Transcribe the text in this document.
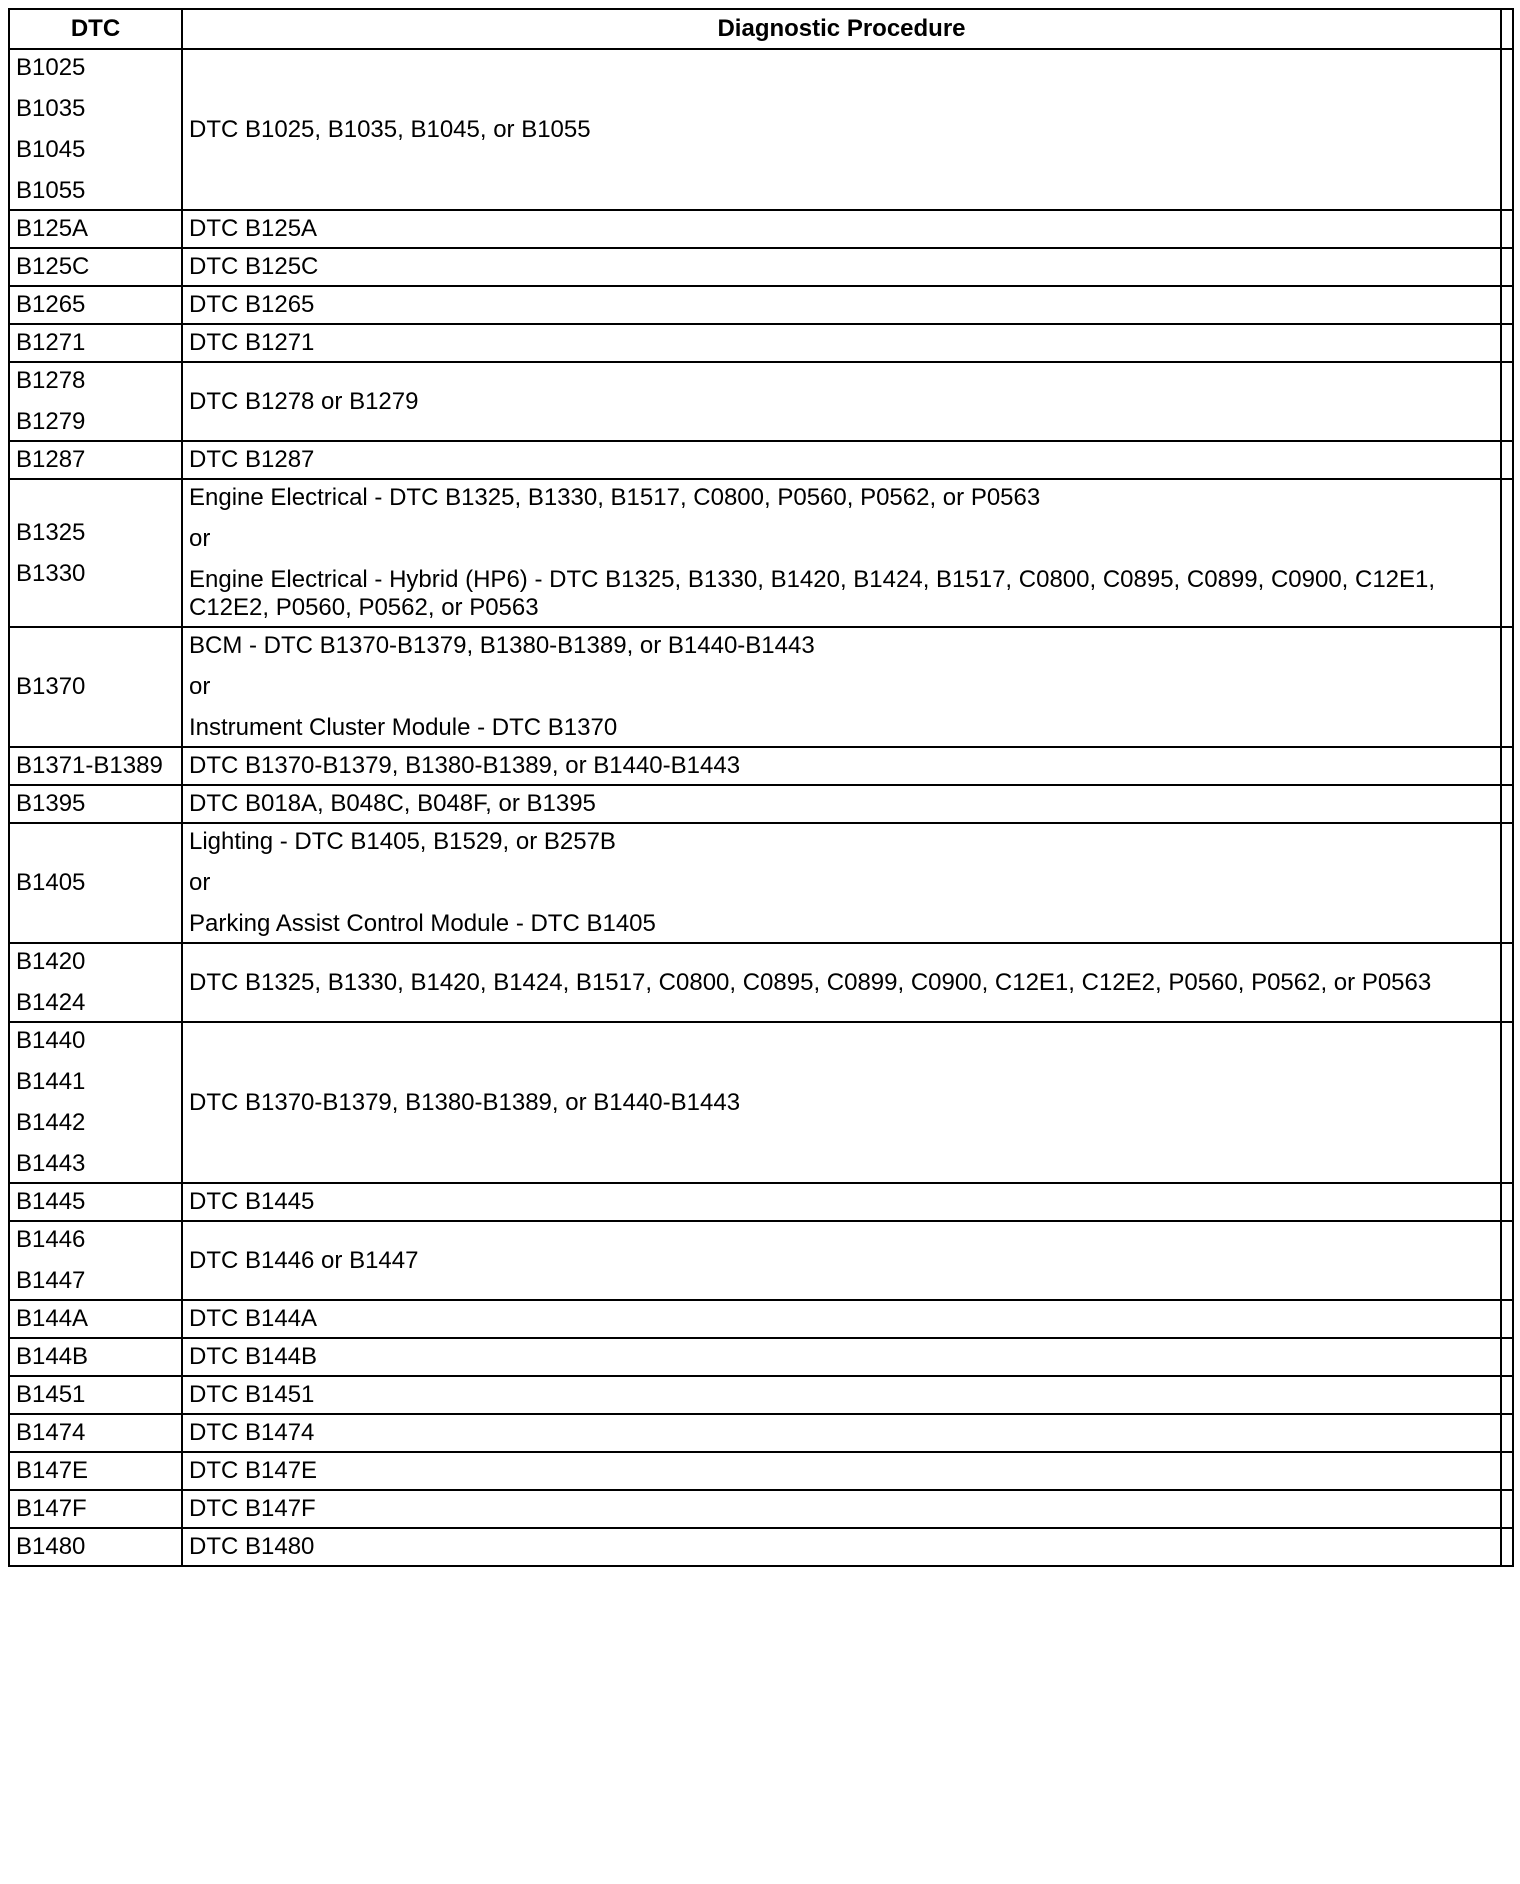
DTC	Diagnostic Procedure	

B1025
B1035
B1045
B1055	DTC B1025, B1035, B1045, or B1055	

B125A	DTC B125A	

B125C	DTC B125C	

B1265	DTC B1265	

B1271	DTC B1271	

B1278
B1279	DTC B1278 or B1279	

B1287	DTC B1287	

B1325
B1330	Engine Electrical - DTC B1325, B1330, B1517, C0800, P0560, P0562, or P0563
or
Engine Electrical - Hybrid (HP6) - DTC B1325, B1330, B1420, B1424, B1517, C0800, C0895, C0899, C0900, C12E1, C12E2, P0560, P0562, or P0563	

B1370	BCM - DTC B1370-B1379, B1380-B1389, or B1440-B1443
or
Instrument Cluster Module - DTC B1370	

B1371-B1389	DTC B1370-B1379, B1380-B1389, or B1440-B1443	

B1395	DTC B018A, B048C, B048F, or B1395	

B1405	Lighting - DTC B1405, B1529, or B257B
or
Parking Assist Control Module - DTC B1405	

B1420
B1424	DTC B1325, B1330, B1420, B1424, B1517, C0800, C0895, C0899, C0900, C12E1, C12E2, P0560, P0562, or P0563	

B1440
B1441
B1442
B1443	DTC B1370-B1379, B1380-B1389, or B1440-B1443	

B1445	DTC B1445	

B1446
B1447	DTC B1446 or B1447	

B144A	DTC B144A	

B144B	DTC B144B	

B1451	DTC B1451	

B1474	DTC B1474	

B147E	DTC B147E	

B147F	DTC B147F	

B1480	DTC B1480	
